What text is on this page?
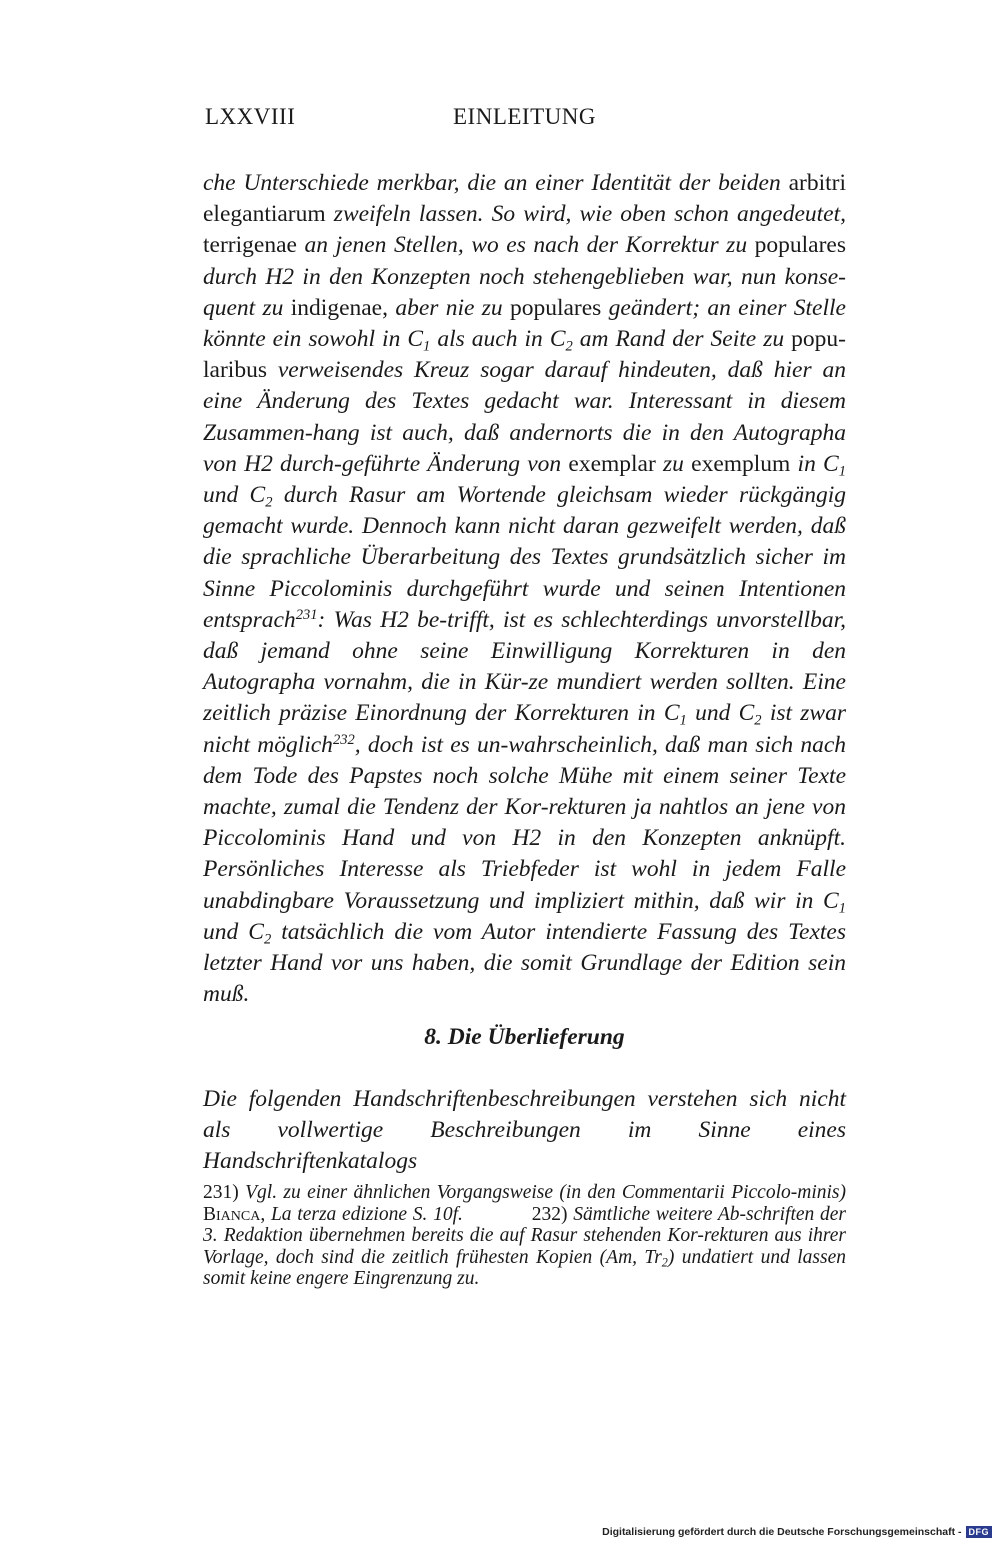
LXXVIII	EINLEITUNG
che Unterschiede merkbar, die an einer Identität der beiden arbitri elegantiarum zweifeln lassen. So wird, wie oben schon angedeutet, terrigenae an jenen Stellen, wo es nach der Korrektur zu populares durch H2 in den Konzepten noch stehengeblieben war, nun konse-quent zu indigenae, aber nie zu populares geändert; an einer Stelle könnte ein sowohl in $C_1$ als auch in $C_2$ am Rand der Seite zu popu-laribus verweisendes Kreuz sogar darauf hindeuten, daß hier an eine Änderung des Textes gedacht war. Interessant in diesem Zusammen-hang ist auch, daß andernorts die in den Autographa von H2 durch-geführte Änderung von exemplar zu exemplum in $C_1$ und $C_2$ durch Rasur am Wortende gleichsam wieder rückgängig gemacht wurde. Dennoch kann nicht daran gezweifelt werden, daß die sprachliche Überarbeitung des Textes grundsätzlich sicher im Sinne Piccolominis durchgeführt wurde und seinen Intentionen entsprach$^{231}$: Was H2 be-trifft, ist es schlechterdings unvorstellbar, daß jemand ohne seine Einwilligung Korrekturen in den Autographa vornahm, die in Kür-ze mundiert werden sollten. Eine zeitlich präzise Einordnung der Korrekturen in $C_1$ und $C_2$ ist zwar nicht möglich$^{232}$, doch ist es un-wahrscheinlich, daß man sich nach dem Tode des Papstes noch solche Mühe mit einem seiner Texte machte, zumal die Tendenz der Kor-rekturen ja nahtlos an jene von Piccolominis Hand und von H2 in den Konzepten anknüpft. Persönliches Interesse als Triebfeder ist wohl in jedem Falle unabdingbare Voraussetzung und impliziert mithin, daß wir in $C_1$ und $C_2$ tatsächlich die vom Autor intendierte Fassung des Textes letzter Hand vor uns haben, die somit Grundlage der Edition sein muß.
8. Die Überlieferung
Die folgenden Handschriftenbeschreibungen verstehen sich nicht als vollwertige Beschreibungen im Sinne eines Handschriftenkatalogs
231) Vgl. zu einer ähnlichen Vorgangsweise (in den Commentarii Piccolo-minis) Bianca, La terza edizione S. 10f.            232) Sämtliche weitere Ab-schriften der 3. Redaktion übernehmen bereits die auf Rasur stehenden Kor-rekturen aus ihrer Vorlage, doch sind die zeitlich frühesten Kopien (Am, $Tr_2$) undatiert und lassen somit keine engere Eingrenzung zu.
Digitalisierung gefördert durch die Deutsche Forschungsgemeinschaft - DFG
